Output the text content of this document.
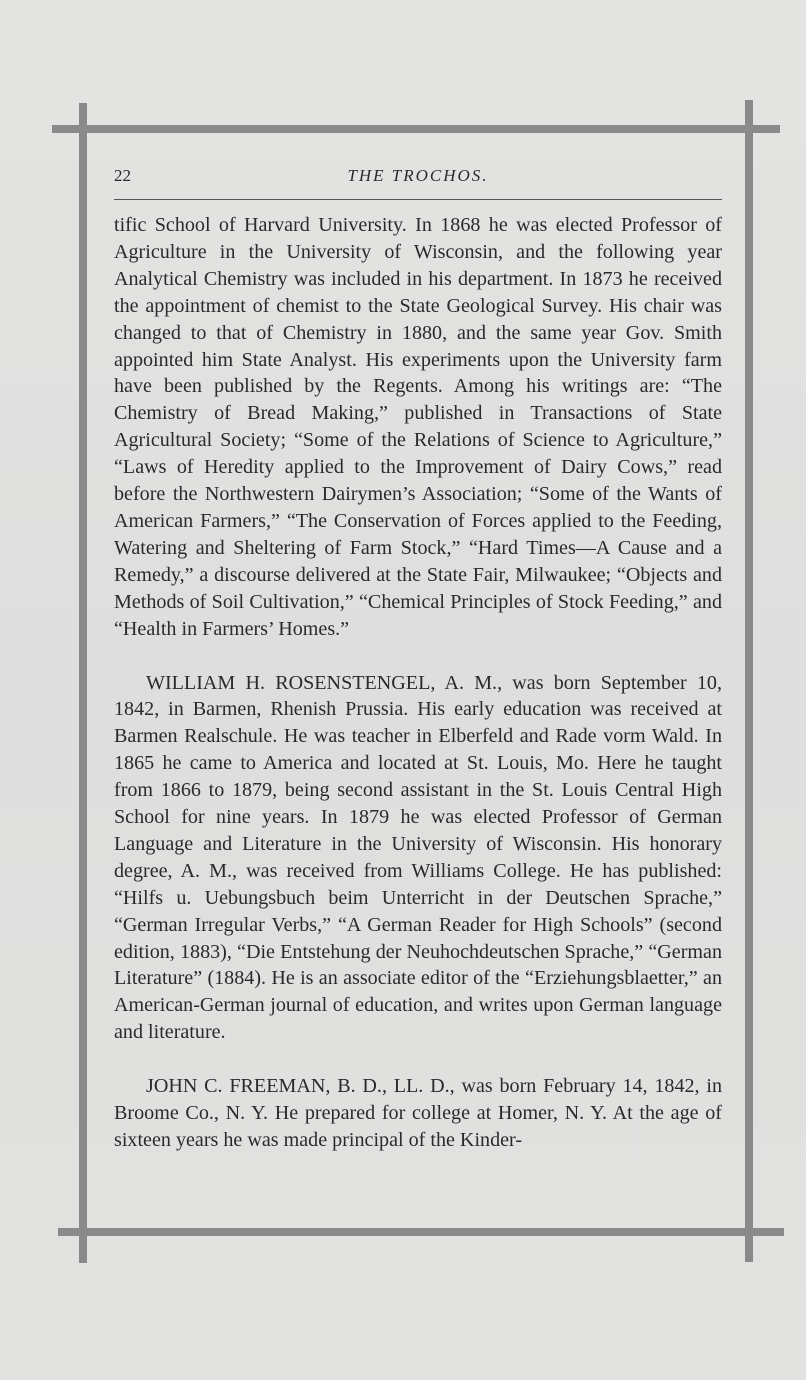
22	THE TROCHOS.

tific School of Harvard University. In 1868 he was elected Professor of Agriculture in the University of Wisconsin, and the following year Analytical Chemistry was included in his department. In 1873 he received the appointment of chemist to the State Geological Survey. His chair was changed to that of Chemistry in 1880, and the same year Gov. Smith appointed him State Analyst. His experiments upon the University farm have been published by the Regents. Among his writings are: “The Chemistry of Bread Making,” published in Transactions of State Agricultural Society; “Some of the Relations of Science to Agriculture,” “Laws of Heredity applied to the Improvement of Dairy Cows,” read before the Northwestern Dairymen’s Association; “Some of the Wants of American Farmers,” “The Conservation of Forces applied to the Feeding, Watering and Sheltering of Farm Stock,” “Hard Times—A Cause and a Remedy,” a discourse delivered at the State Fair, Milwaukee; “Objects and Methods of Soil Cultivation,” “Chemical Principles of Stock Feeding,” and “Health in Farmers’ Homes.”

WILLIAM H. ROSENSTENGEL, A. M., was born September 10, 1842, in Barmen, Rhenish Prussia. His early education was received at Barmen Realschule. He was teacher in Elberfeld and Rade vorm Wald. In 1865 he came to America and located at St. Louis, Mo. Here he taught from 1866 to 1879, being second assistant in the St. Louis Central High School for nine years. In 1879 he was elected Professor of German Language and Literature in the University of Wisconsin. His honorary degree, A. M., was received from Williams College. He has published: “Hilfs u. Uebungsbuch beim Unterricht in der Deutschen Sprache,” “German Irregular Verbs,” “A German Reader for High Schools” (second edition, 1883), “Die Entstehung der Neuhochdeutschen Sprache,” “German Literature” (1884). He is an associate editor of the “Erziehungsblaetter,” an American-German journal of education, and writes upon German language and literature.

JOHN C. FREEMAN, B. D., LL. D., was born February 14, 1842, in Broome Co., N. Y. He prepared for college at Homer, N. Y. At the age of sixteen years he was made principal of the Kinder-
